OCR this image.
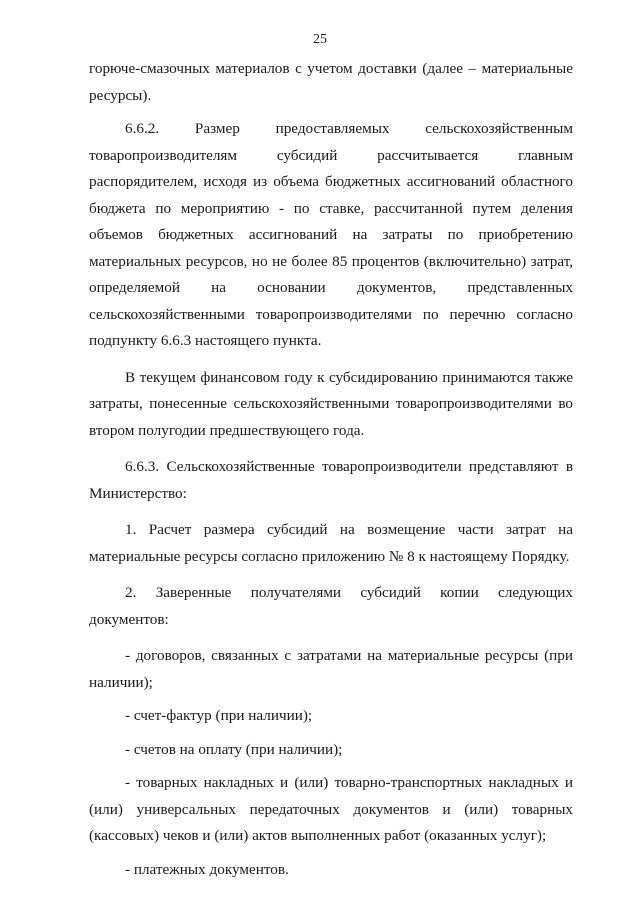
25

горюче-смазочных материалов с учетом доставки (далее – материальные ресурсы).

6.6.2. Размер предоставляемых сельскохозяйственным товаропроизводителям субсидий рассчитывается главным распорядителем, исходя из объема бюджетных ассигнований областного бюджета по мероприятию - по ставке, рассчитанной путем деления объемов бюджетных ассигнований на затраты по приобретению материальных ресурсов, но не более 85 процентов (включительно) затрат, определяемой на основании документов, представленных сельскохозяйственными товаропроизводителями по перечню согласно подпункту 6.6.3 настоящего пункта.

В текущем финансовом году к субсидированию принимаются также затраты, понесенные сельскохозяйственными товаропроизводителями во втором полугодии предшествующего года.

6.6.3. Сельскохозяйственные товаропроизводители представляют в Министерство:

1. Расчет размера субсидий на возмещение части затрат на материальные ресурсы согласно приложению № 8 к настоящему Порядку.

2. Заверенные получателями субсидий копии следующих документов:

- договоров, связанных с затратами на материальные ресурсы (при наличии);

- счет-фактур (при наличии);

- счетов на оплату (при наличии);

- товарных накладных и (или) товарно-транспортных накладных и (или) универсальных передаточных документов и (или) товарных (кассовых) чеков и (или) актов выполненных работ (оказанных услуг);

- платежных документов.
